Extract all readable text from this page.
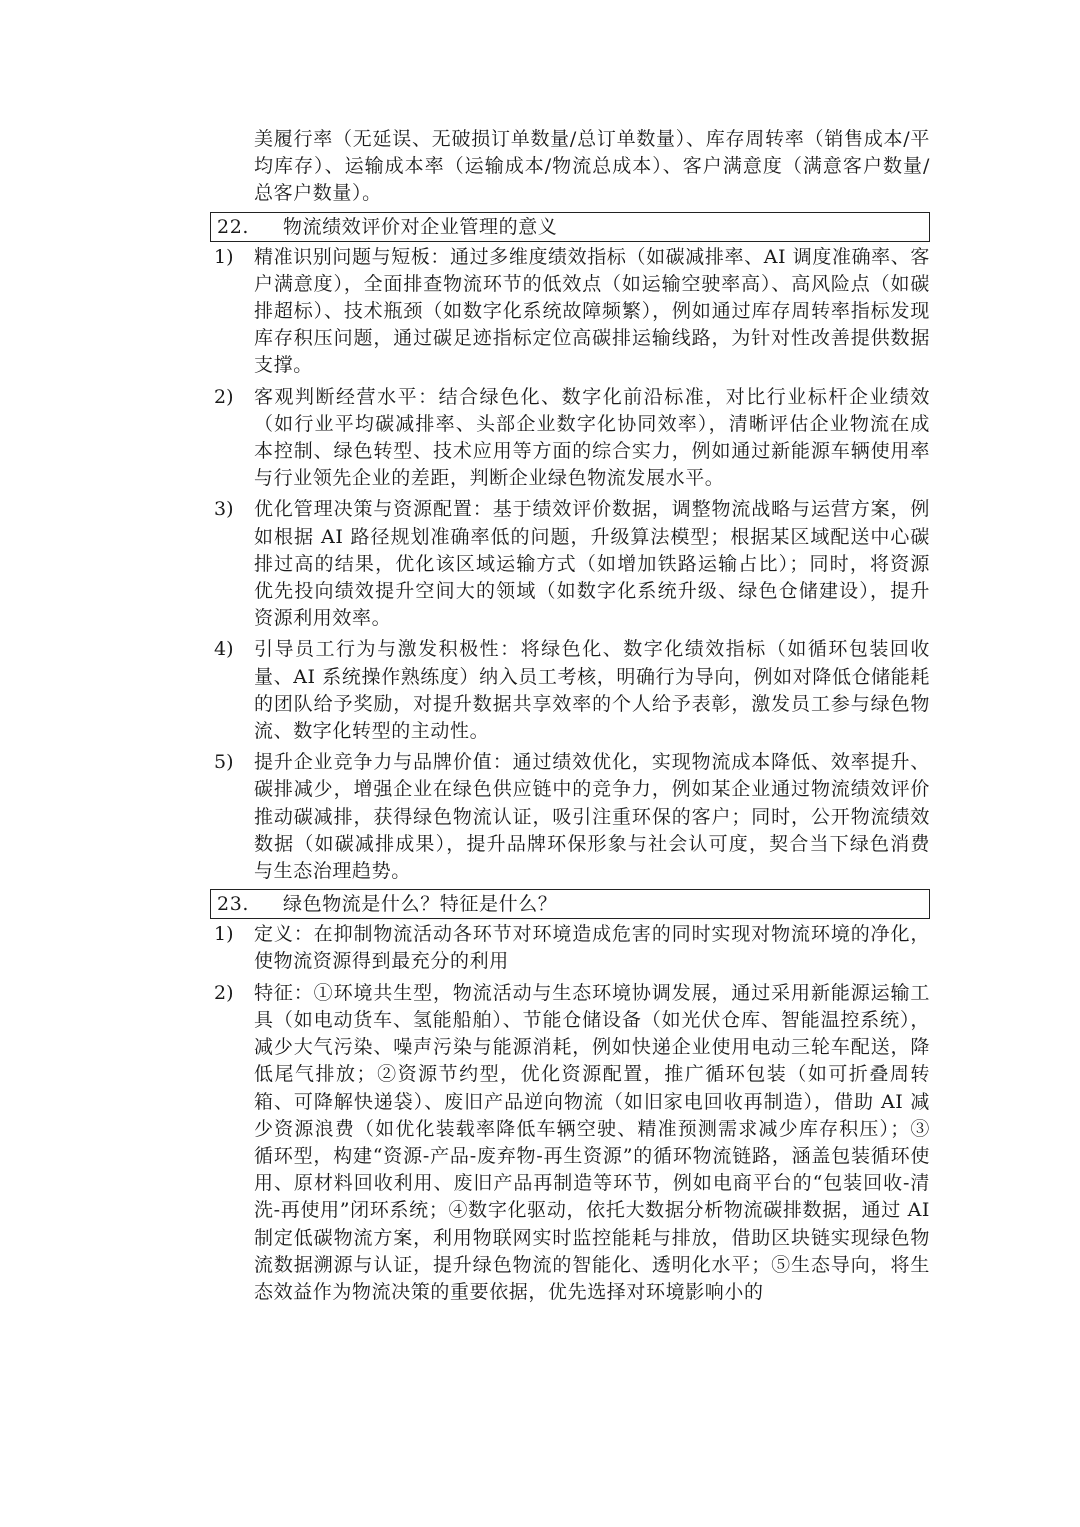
美履行率（无延误、无破损订单数量/总订单数量）、库存周转率（销售成本/平均库存）、运输成本率（运输成本/物流总成本）、客户满意度（满意客户数量/总客户数量）。

22. 物流绩效评价对企业管理的意义
1) 精准识别问题与短板：通过多维度绩效指标（如碳减排率、AI 调度准确率、客户满意度），全面排查物流环节的低效点（如运输空驶率高）、高风险点（如碳排超标）、技术瓶颈（如数字化系统故障频繁），例如通过库存周转率指标发现库存积压问题，通过碳足迹指标定位高碳排运输线路，为针对性改善提供数据支撑。

2) 客观判断经营水平：结合绿色化、数字化前沿标准，对比行业标杆企业绩效（如行业平均碳减排率、头部企业数字化协同效率），清晰评估企业物流在成本控制、绿色转型、技术应用等方面的综合实力，例如通过新能源车辆使用率与行业领先企业的差距，判断企业绿色物流发展水平。

3) 优化管理决策与资源配置：基于绩效评价数据，调整物流战略与运营方案，例如根据 AI 路径规划准确率低的问题，升级算法模型；根据某区域配送中心碳排过高的结果，优化该区域运输方式（如增加铁路运输占比）；同时，将资源优先投向绩效提升空间大的领域（如数字化系统升级、绿色仓储建设），提升资源利用效率。

4) 引导员工行为与激发积极性：将绿色化、数字化绩效指标（如循环包装回收量、AI 系统操作熟练度）纳入员工考核，明确行为导向，例如对降低仓储能耗的团队给予奖励，对提升数据共享效率的个人给予表彰，激发员工参与绿色物流、数字化转型的主动性。

5) 提升企业竞争力与品牌价值：通过绩效优化，实现物流成本降低、效率提升、碳排减少，增强企业在绿色供应链中的竞争力，例如某企业通过物流绩效评价推动碳减排，获得绿色物流认证，吸引注重环保的客户；同时，公开物流绩效数据（如碳减排成果），提升品牌环保形象与社会认可度，契合当下绿色消费与生态治理趋势。

23. 绿色物流是什么？特征是什么？
1) 定义：在抑制物流活动各环节对环境造成危害的同时实现对物流环境的净化，使物流资源得到最充分的利用

2) 特征：①环境共生型，物流活动与生态环境协调发展，通过采用新能源运输工具（如电动货车、氢能船舶）、节能仓储设备（如光伏仓库、智能温控系统），减少大气污染、噪声污染与能源消耗，例如快递企业使用电动三轮车配送，降低尾气排放；②资源节约型，优化资源配置，推广循环包装（如可折叠周转箱、可降解快递袋）、废旧产品逆向物流（如旧家电回收再制造），借助 AI 减少资源浪费（如优化装载率降低车辆空驶、精准预测需求减少库存积压）；③循环型，构建“资源-产品-废弃物-再生资源”的循环物流链路，涵盖包装循环使用、原材料回收利用、废旧产品再制造等环节，例如电商平台的“包装回收-清洗-再使用”闭环系统；④数字化驱动，依托大数据分析物流碳排数据，通过 AI 制定低碳物流方案，利用物联网实时监控能耗与排放，借助区块链实现绿色物流数据溯源与认证，提升绿色物流的智能化、透明化水平；⑤生态导向，将生态效益作为物流决策的重要依据，优先选择对环境影响小的
